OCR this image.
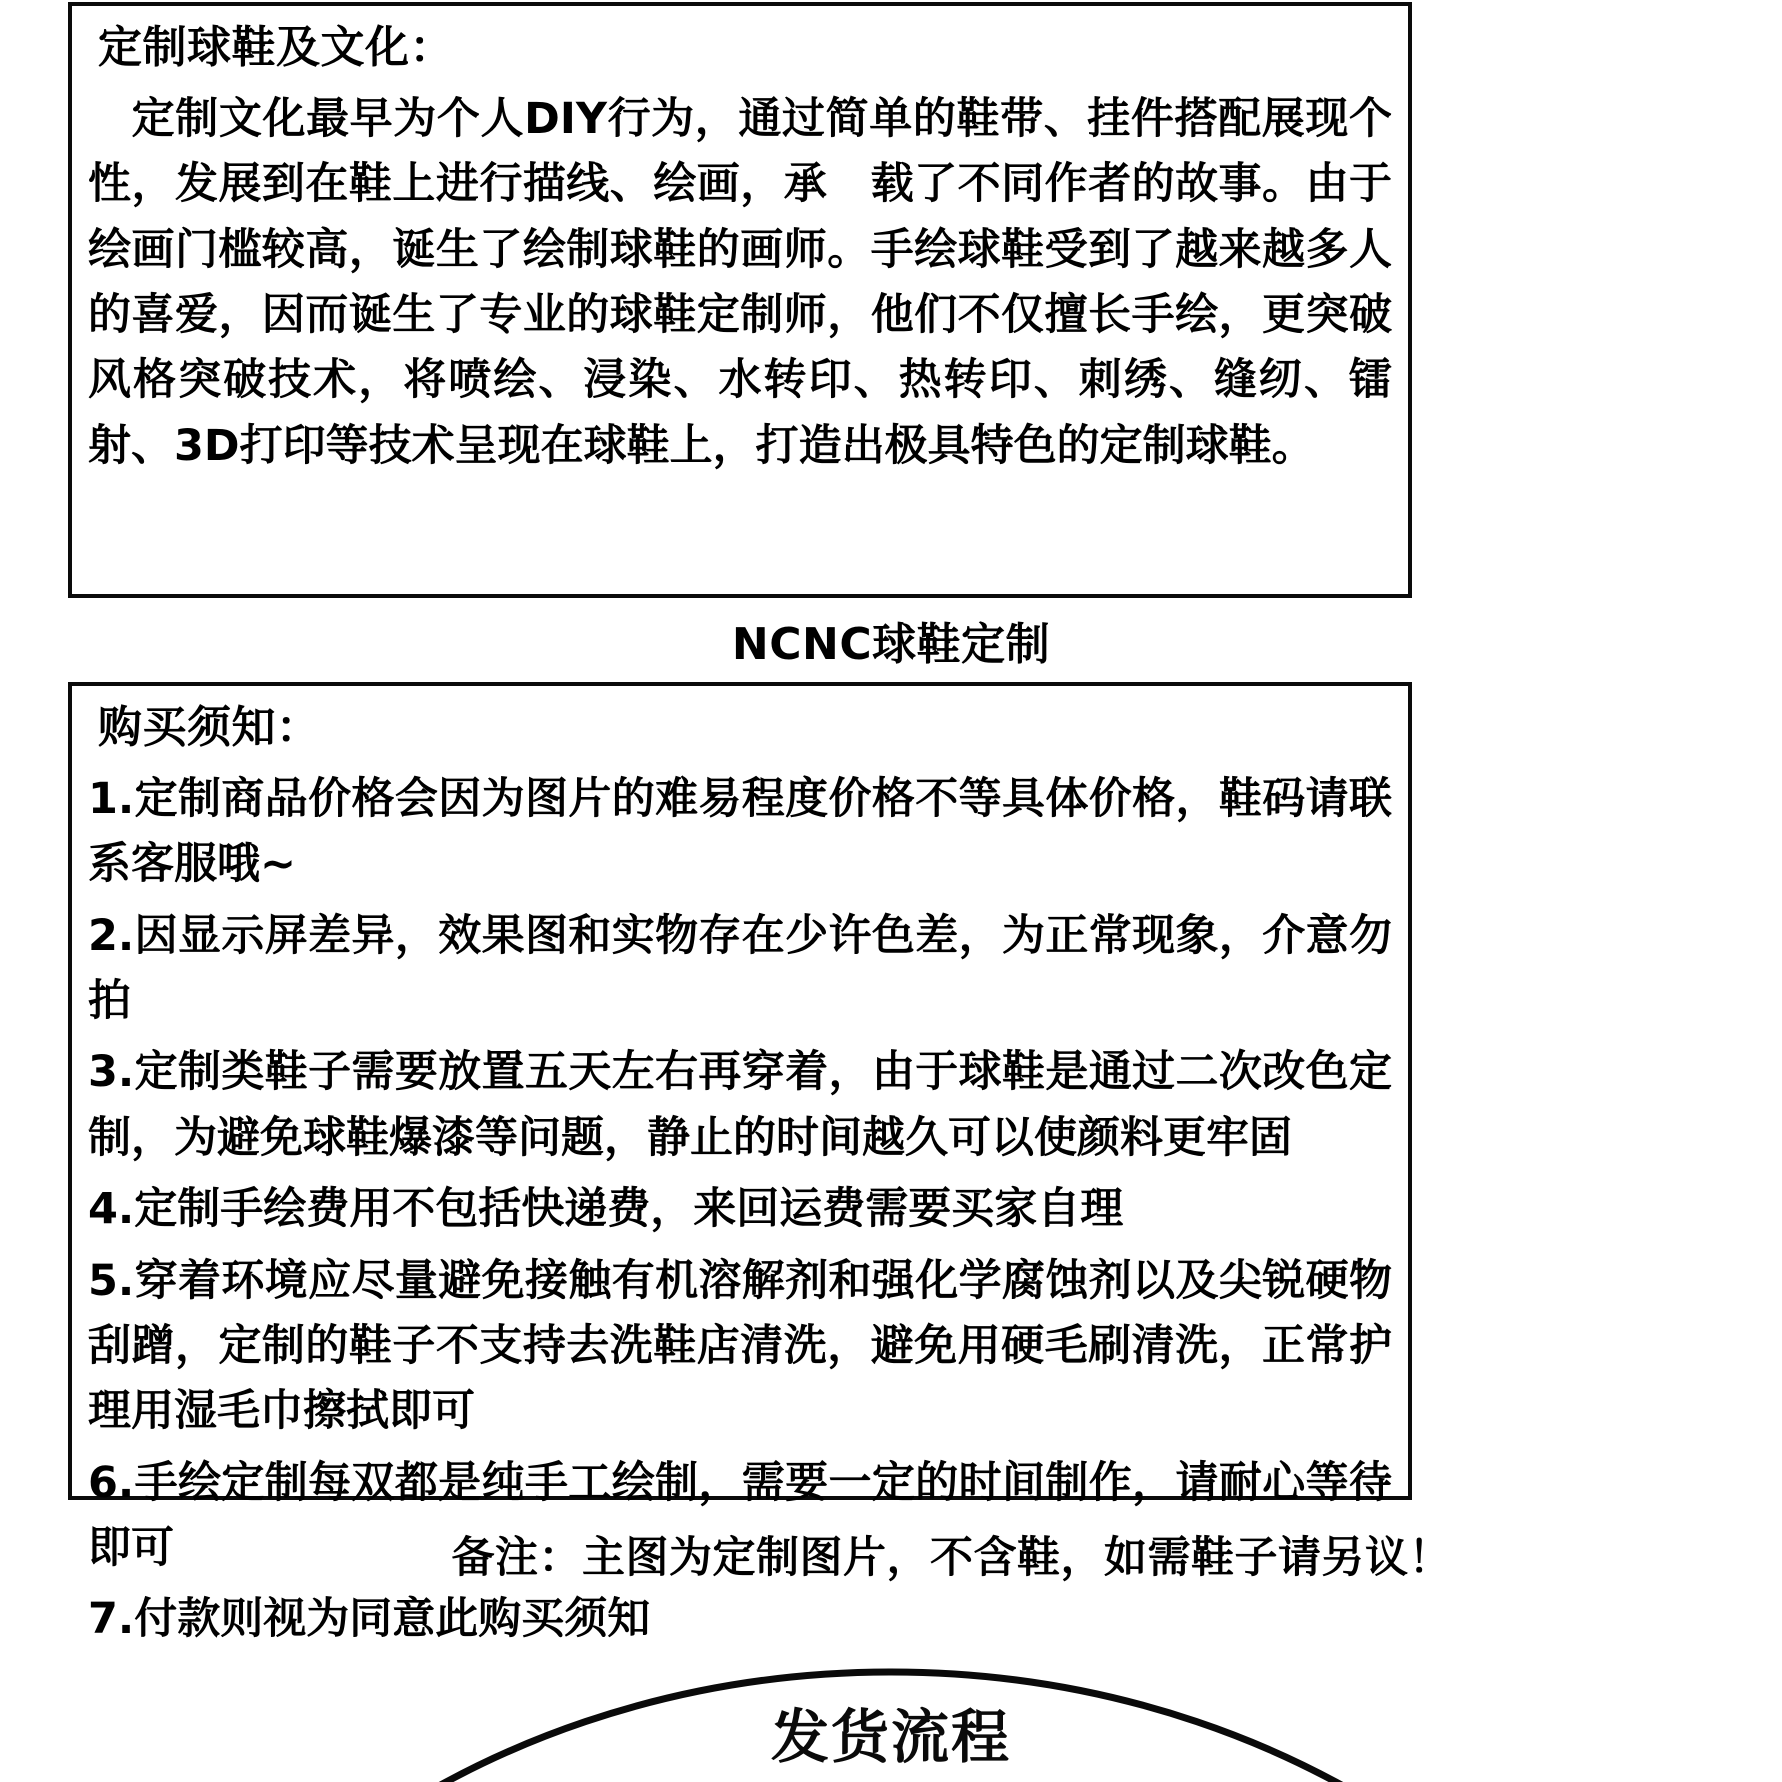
定制球鞋及文化：

　定制文化最早为个人DIY行为，通过简单的鞋带、挂件搭配展现个性，发展到在鞋上进行描线、绘画，承　载了不同作者的故事。由于绘画门槛较高，诞生了绘制球鞋的画师。手绘球鞋受到了越来越多人的喜爱，因而诞生了专业的球鞋定制师，他们不仅擅长手绘，更突破风格突破技术，将喷绘、浸染、水转印、热转印、刺绣、缝纫、镭射、3D打印等技术呈现在球鞋上，打造出极具特色的定制球鞋。

NCNC球鞋定制
购买须知：
1.定制商品价格会因为图片的难易程度价格不等具体价格，鞋码请联系客服哦~
2.因显示屏差异，效果图和实物存在少许色差，为正常现象，介意勿拍
3.定制类鞋子需要放置五天左右再穿着，由于球鞋是通过二次改色定制，为避免球鞋爆漆等问题，静止的时间越久可以使颜料更牢固
4.定制手绘费用不包括快递费，来回运费需要买家自理
5.穿着环境应尽量避免接触有机溶解剂和强化学腐蚀剂以及尖锐硬物刮蹭，定制的鞋子不支持去洗鞋店清洗，避免用硬毛刷清洗，正常护理用湿毛巾擦拭即可
6.手绘定制每双都是纯手工绘制，需要一定的时间制作，请耐心等待即可
7.付款则视为同意此购买须知
备注：主图为定制图片，不含鞋，如需鞋子请另议！
发货流程
